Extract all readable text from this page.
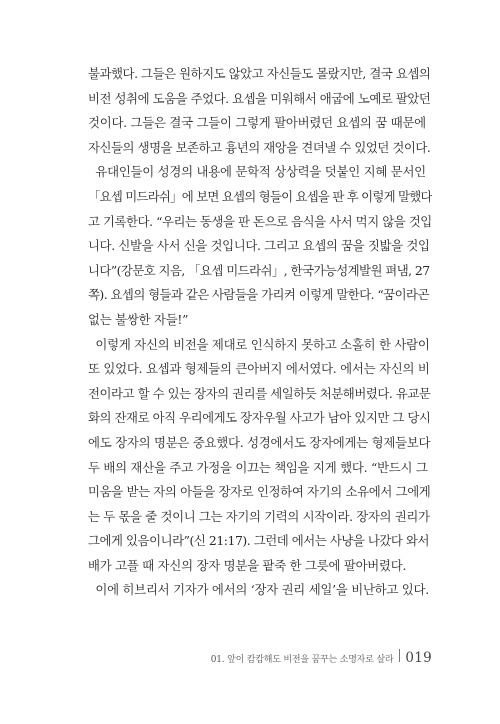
불과했다. 그들은 원하지도 않았고 자신들도 몰랐지만, 결국 요셉의
비전 성취에 도움을 주었다. 요셉을 미워해서 애굽에 노예로 팔았던
것이다. 그들은 결국 그들이 그렇게 팔아버렸던 요셉의 꿈 때문에
자신들의 생명을 보존하고 흉년의 재앙을 견뎌낼 수 있었던 것이다.
유대인들이 성경의 내용에 문학적 상상력을 덧붙인 지혜 문서인
「요셉 미드라쉬」에 보면 요셉의 형들이 요셉을 판 후 이렇게 말했다
고 기록한다. “우리는 동생을 판 돈으로 음식을 사서 먹지 않을 것입
니다. 신발을 사서 신을 것입니다. 그리고 요셉의 꿈을 짓밟을 것입
니다”(강문호 지음, 「요셉 미드라쉬」, 한국가능성계발원 펴냄, 27
쪽). 요셉의 형들과 같은 사람들을 가리켜 이렇게 말한다. “꿈이라곤
없는 불쌍한 자들!”
이렇게 자신의 비전을 제대로 인식하지 못하고 소홀히 한 사람이
또 있었다. 요셉과 형제들의 큰아버지 에서였다. 에서는 자신의 비
전이라고 할 수 있는 장자의 권리를 세일하듯 처분해버렸다. 유교문
화의 잔재로 아직 우리에게도 장자우월 사고가 남아 있지만 그 당시
에도 장자의 명분은 중요했다. 성경에서도 장자에게는 형제들보다
두 배의 재산을 주고 가정을 이끄는 책임을 지게 했다. “반드시 그
미움을 받는 자의 아들을 장자로 인정하여 자기의 소유에서 그에게
는 두 몫을 줄 것이니 그는 자기의 기력의 시작이라. 장자의 권리가
그에게 있음이니라”(신 21:17). 그런데 에서는 사냥을 나갔다 와서
배가 고플 때 자신의 장자 명분을 팥죽 한 그릇에 팔아버렸다.
이에 히브리서 기자가 에서의 ‘장자 권리 세일’을 비난하고 있다.
01. 앞이 캄캄해도 비전을 꿈꾸는 소명자로 살라 019
